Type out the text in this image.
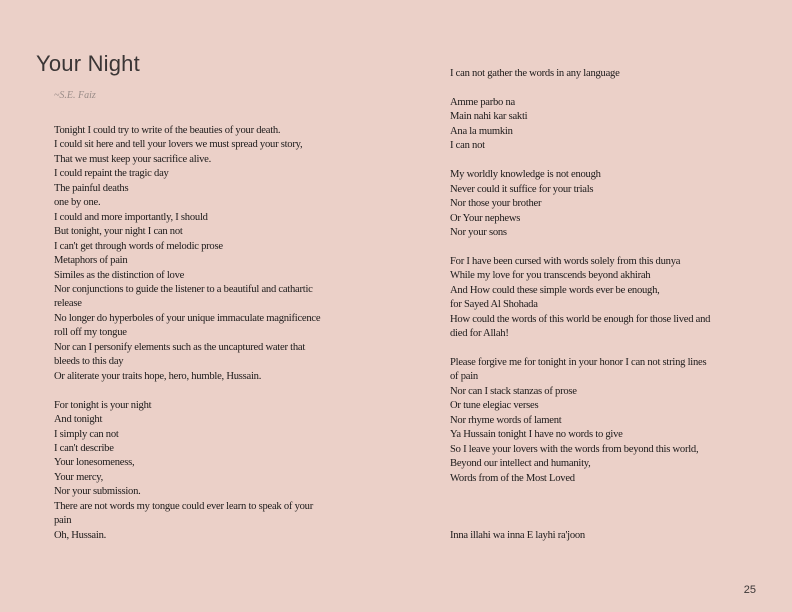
Your Night
~S.E. Faiz
Tonight I could try to write of the beauties of your death.
I could sit here and tell your lovers we must spread your story,
That we must keep your sacrifice alive.
I could repaint the tragic day
The painful deaths
one by one.
I could and more importantly, I should
But tonight, your night I can not
I can't get through words of melodic prose
Metaphors of pain
Similes as the distinction of love
Nor conjunctions to guide the listener to a beautiful and cathartic
release
No longer do hyperboles of your unique immaculate magnificence
roll off my tongue
Nor can I personify elements such as the uncaptured water that
bleeds to this day
Or aliterate your traits hope, hero, humble, Hussain.
For tonight is your night
And tonight
I simply can not
I can't describe
Your lonesomeness,
Your mercy,
Nor your submission.
There are not words my tongue could ever learn to speak of your
pain
Oh, Hussain.
I can not gather the words in any language
Amme parbo na
Main nahi kar sakti
Ana la mumkin
I can not
My worldly knowledge is not enough
Never could it suffice for your trials
Nor those your brother
Or Your nephews
Nor your sons
For I have been cursed with words solely from this dunya
While my love for you transcends beyond akhirah
And How could these simple words ever be enough,
for Sayed Al Shohada
How could the words of this world be enough for those lived and
died for Allah!
Please forgive me for tonight in your honor I can not string lines
of pain
Nor can I stack stanzas of prose
Or tune elegiac verses
Nor rhyme words of lament
Ya Hussain tonight I have no words to give
So I leave your lovers with the words from beyond this world,
Beyond our intellect and humanity,
Words from of the Most Loved
Inna illahi wa inna E layhi ra'joon
25
